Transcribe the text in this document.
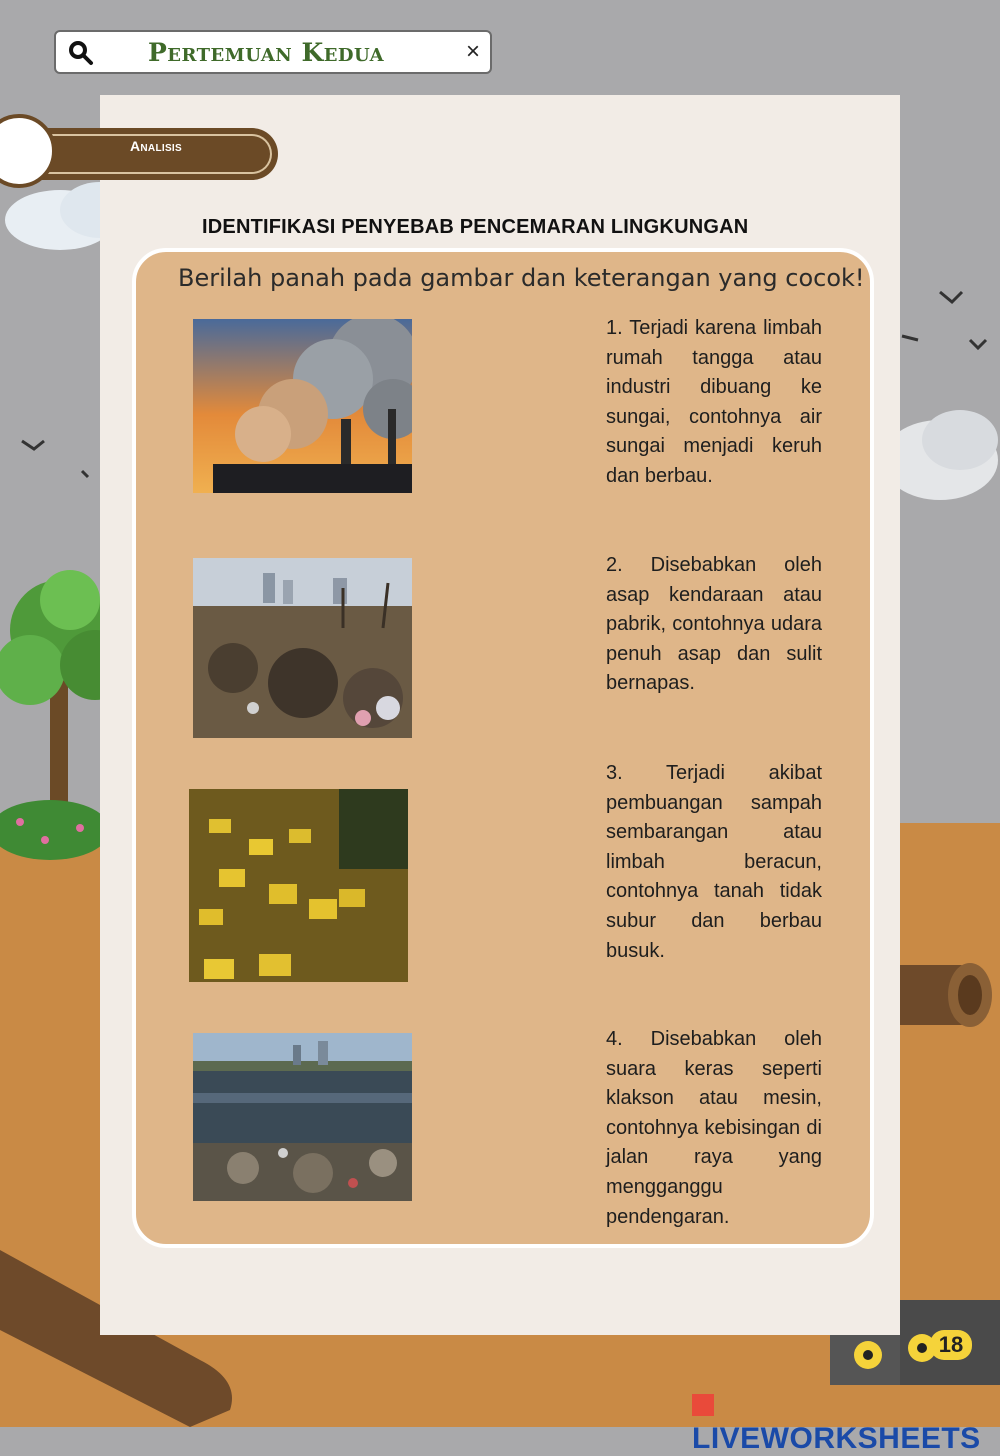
Pertemuan Kedua	×
Analisis
IDENTIFIKASI PENYEBAB PENCEMARAN LINGKUNGAN
Berilah panah pada gambar dan keterangan yang cocok!
1. Terjadi karena limbah rumah tangga atau industri dibuang ke sungai, contohnya air sungai menjadi keruh dan berbau.
2. Disebabkan oleh asap kendaraan atau pabrik, contohnya udara penuh asap dan sulit bernapas.
3. Terjadi akibat pembuangan sampah sembarangan atau limbah beracun, contohnya tanah tidak subur dan berbau busuk.
4. Disebabkan oleh suara keras seperti klakson atau mesin, contohnya kebisingan di jalan raya yang mengganggu pendengaran.
18
LIVEWORKSHEETS
